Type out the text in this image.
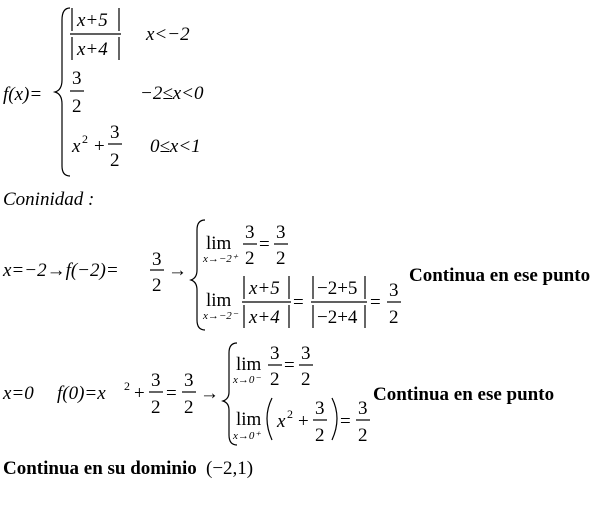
f(x)=
x+5
x+4
x<−2
3
2
−2≤x<0
x 2 +
3
2
0≤x<1
Coninidad :
x=−2→f(−2)=
3
2
→
lim
x→−2⁺
3
2
=
3
2
lim
x→−2⁻
x+5
x+4
=
−2+5
−2+4
=
3
2
Continua en ese punto
x=0 f(0)=x 2 +
3
2
=
3
2
→
lim
x→0⁻
3
2
=
3
2
lim
x→0⁺
x 2 +
3
2
=
3
2
Continua en ese punto
Continua en su dominio (−2,1)
